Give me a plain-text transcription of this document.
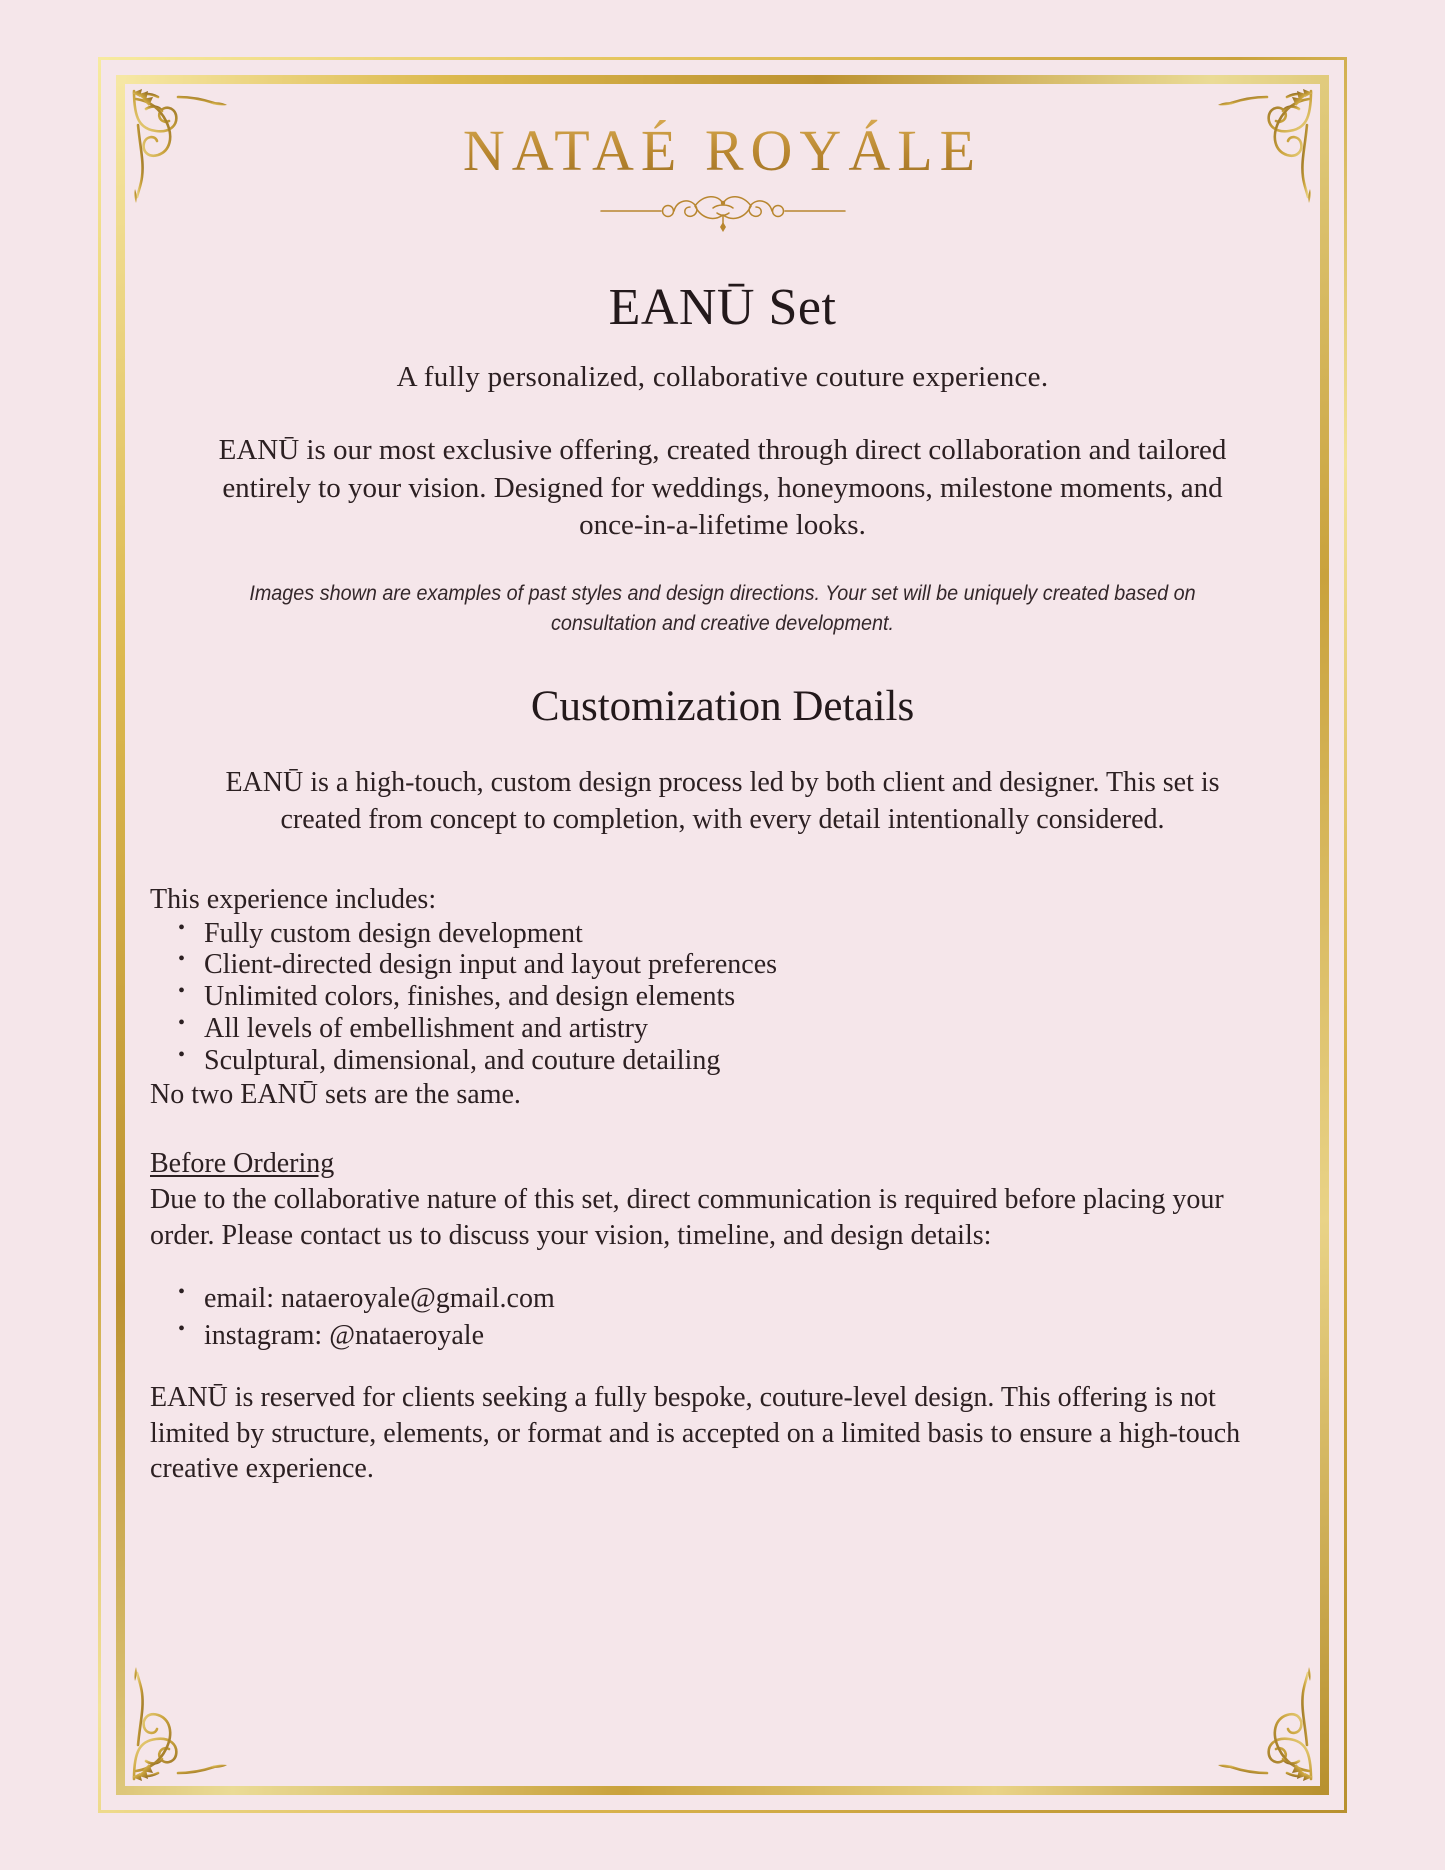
NATAÉ ROYÁLE
EANŪ Set

A fully personalized, collaborative couture experience.

EANŪ is our most exclusive offering, created through direct collaboration and tailored entirely to your vision. Designed for weddings, honeymoons, milestone moments, and once-in-a-lifetime looks.

Images shown are examples of past styles and design directions. Your set will be uniquely created based on consultation and creative development.

Customization Details

EANŪ is a high-touch, custom design process led by both client and designer. This set is created from concept to completion, with every detail intentionally considered.

This experience includes:

• Fully custom design development
• Client-directed design input and layout preferences
• Unlimited colors, finishes, and design elements
• All levels of embellishment and artistry
• Sculptural, dimensional, and couture detailing

No two EANŪ sets are the same.

Before Ordering

Due to the collaborative nature of this set, direct communication is required before placing your order. Please contact us to discuss your vision, timeline, and design details:

• email: nataeroyale@gmail.com
• instagram: @nataeroyale

EANŪ is reserved for clients seeking a fully bespoke, couture-level design. This offering is not limited by structure, elements, or format and is accepted on a limited basis to ensure a high-touch creative experience.
